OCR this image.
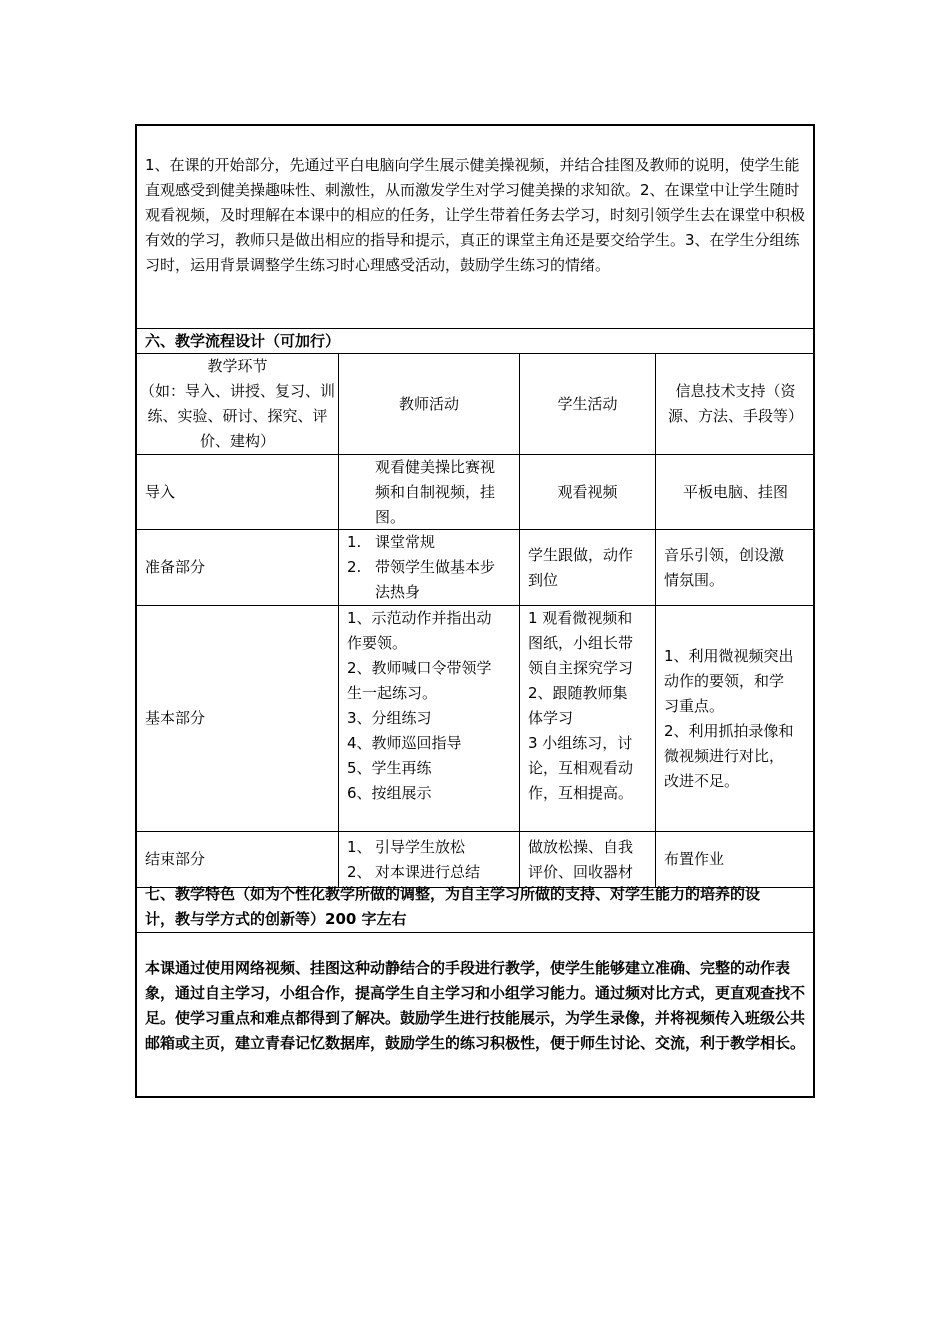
1、在课的开始部分，先通过平白电脑向学生展示健美操视频，并结合挂图及教师的说明，使学生能直观感受到健美操趣味性、刺激性，从而激发学生对学习健美操的求知欲。2、在课堂中让学生随时观看视频，及时理解在本课中的相应的任务，让学生带着任务去学习，时刻引领学生去在课堂中积极有效的学习，教师只是做出相应的指导和提示，真正的课堂主角还是要交给学生。3、在学生分组练习时，运用背景调整学生练习时心理感受活动，鼓励学生练习的情绪。
六、教学流程设计（可加行）
教学环节
（如：导入、讲授、复习、训
练、实验、研讨、探究、评
价、建构）
教师活动	学生活动
信息技术支持（资
源、方法、手段等）
导入
观看健美操比赛视
频和自制视频，挂
图。
观看视频	平板电脑、挂图
准备部分
1. 课堂常规
2. 带领学生做基本步
法热身
学生跟做，动作
到位
音乐引领，创设激
情氛围。
基本部分
1、示范动作并指出动
作要领。
2、教师喊口令带领学
生一起练习。
3、分组练习
4、教师巡回指导
5、学生再练
6、按组展示
1 观看微视频和
图纸，小组长带
领自主探究学习
2、跟随教师集
体学习
3 小组练习，讨
论，互相观看动
作，互相提高。
1、利用微视频突出
动作的要领，和学
习重点。
2、利用抓拍录像和
微视频进行对比，
改进不足。
结束部分
1、 引导学生放松
2、 对本课进行总结
做放松操、自我
评价、回收器材
布置作业
七、教学特色（如为个性化教学所做的调整，为自主学习所做的支持、对学生能力的培养的设
计，教与学方式的创新等）200 字左右
本课通过使用网络视频、挂图这种动静结合的手段进行教学，使学生能够建立准确、完整的动作表象，通过自主学习，小组合作，提高学生自主学习和小组学习能力。通过频对比方式，更直观查找不足。使学习重点和难点都得到了解决。鼓励学生进行技能展示，为学生录像，并将视频传入班级公共邮箱或主页，建立青春记忆数据库，鼓励学生的练习积极性，便于师生讨论、交流，利于教学相长。
